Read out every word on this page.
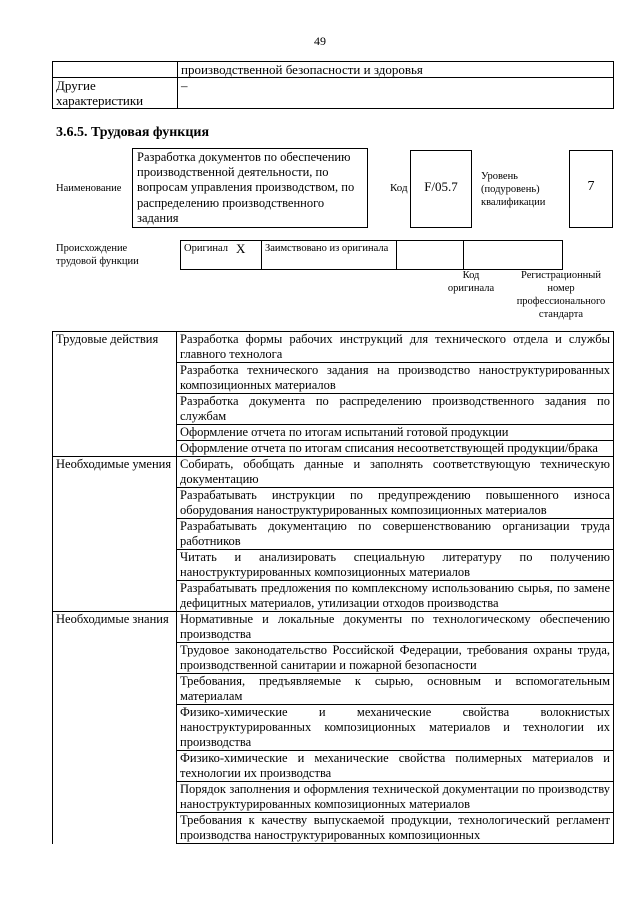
49
	производственной безопасности и здоровья
Другие характеристики	–
3.6.5. Трудовая функция
Наименование
Разработка документов по обеспечению производственной деятельности, по вопросам управления производством, по распределению производственного задания
Код	F/05.7
Уровень (подуровень) квалификации
7
Происхождение трудовой функции
Оригинал	X	Заимствовано из оригинала		
Код оригинала
Регистрационный номер профессионального стандарта
Трудовые действия	Разработка формы рабочих инструкций для технического отдела и службы главного технолога
	Разработка технического задания на производство наноструктурированных композиционных материалов
	Разработка документа по распределению производственного задания по службам
	Оформление отчета по итогам испытаний готовой продукции
	Оформление отчета по итогам списания несоответствующей продукции/брака
Необходимые умения	Собирать, обобщать данные и заполнять соответствующую техническую документацию
	Разрабатывать инструкции по предупреждению повышенного износа оборудования наноструктурированных композиционных материалов
	Разрабатывать документацию по совершенствованию организации труда работников
	Читать и анализировать специальную литературу по получению наноструктурированных композиционных материалов
	Разрабатывать предложения по комплексному использованию сырья, по замене дефицитных материалов, утилизации отходов производства
Необходимые знания	Нормативные и локальные документы по технологическому обеспечению производства
	Трудовое законодательство Российской Федерации, требования охраны труда, производственной санитарии и пожарной безопасности
	Требования, предъявляемые к сырью, основным и вспомогательным материалам
	Физико-химические и механические свойства волокнистых наноструктурированных композиционных материалов и технологии их производства
	Физико-химические и механические свойства полимерных материалов и технологии их производства
	Порядок заполнения и оформления технической документации по производству наноструктурированных композиционных материалов
	Требования к качеству выпускаемой продукции, технологический регламент производства наноструктурированных композиционных
